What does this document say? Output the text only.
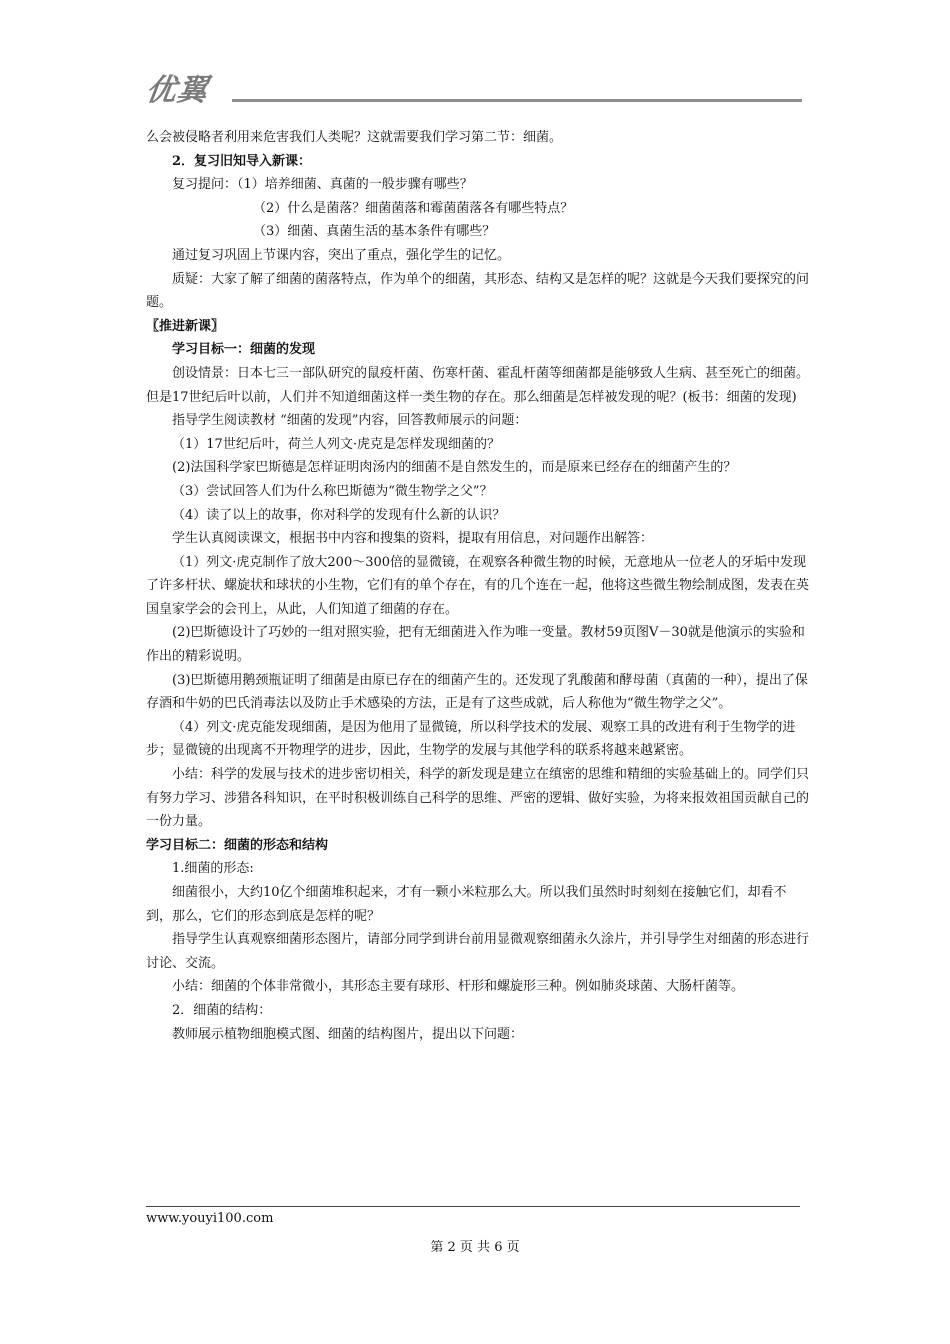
优翼

么会被侵略者利用来危害我们人类呢？这就需要我们学习第二节：细菌。

2．复习旧知导入新课：

复习提问：（1）培养细菌、真菌的一般步骤有哪些？

（2）什么是菌落？细菌菌落和霉菌菌落各有哪些特点？

（3）细菌、真菌生活的基本条件有哪些？

通过复习巩固上节课内容，突出了重点，强化学生的记忆。

质疑：大家了解了细菌的菌落特点，作为单个的细菌，其形态、结构又是怎样的呢？这就是今天我们要探究的问题。

〖推进新课〗

学习目标一：细菌的发现

创设情景：日本七三一部队研究的鼠疫杆菌、伤寒杆菌、霍乱杆菌等细菌都是能够致人生病、甚至死亡的细菌。但是17世纪后叶以前，人们并不知道细菌这样一类生物的存在。那么细菌是怎样被发现的呢？(板书：细菌的发现)

指导学生阅读教材 “细菌的发现”内容，回答教师展示的问题：

（1）17世纪后叶，荷兰人列文·虎克是怎样发现细菌的？

(2)法国科学家巴斯德是怎样证明肉汤内的细菌不是自然发生的，而是原来已经存在的细菌产生的？

（3）尝试回答人们为什么称巴斯德为“微生物学之父”？

（4）读了以上的故事，你对科学的发现有什么新的认识？

学生认真阅读课文，根据书中内容和搜集的资料，提取有用信息，对问题作出解答：

（1）列文·虎克制作了放大200～300倍的显微镜，在观察各种微生物的时候，无意地从一位老人的牙垢中发现了许多杆状、螺旋状和球状的小生物，它们有的单个存在，有的几个连在一起，他将这些微生物绘制成图，发表在英国皇家学会的会刊上，从此，人们知道了细菌的存在。

(2)巴斯德设计了巧妙的一组对照实验，把有无细菌进入作为唯一变量。教材59页图Ⅴ－30就是他演示的实验和作出的精彩说明。

(3)巴斯德用鹅颈瓶证明了细菌是由原已存在的细菌产生的。还发现了乳酸菌和酵母菌（真菌的一种），提出了保存酒和牛奶的巴氏消毒法以及防止手术感染的方法，正是有了这些成就，后人称他为“微生物学之父”。

（4）列文·虎克能发现细菌，是因为他用了显微镜，所以科学技术的发展、观察工具的改进有利于生物学的进步；显微镜的出现离不开物理学的进步，因此，生物学的发展与其他学科的联系将越来越紧密。

小结：科学的发展与技术的进步密切相关，科学的新发现是建立在缜密的思维和精细的实验基础上的。同学们只有努力学习、涉猎各科知识，在平时积极训练自己科学的思维、严密的逻辑、做好实验，为将来报效祖国贡献自己的一份力量。

学习目标二：细菌的形态和结构

1.细菌的形态:

细菌很小，大约10亿个细菌堆积起来，才有一颗小米粒那么大。所以我们虽然时时刻刻在接触它们，却看不到，那么，它们的形态到底是怎样的呢？

指导学生认真观察细菌形态图片，请部分同学到讲台前用显微观察细菌永久涂片，并引导学生对细菌的形态进行讨论、交流。

小结：细菌的个体非常微小，其形态主要有球形、杆形和螺旋形三种。例如肺炎球菌、大肠杆菌等。

2．细菌的结构：

教师展示植物细胞模式图、细菌的结构图片，提出以下问题：

www.youyi100.com
第 2 页 共 6 页
